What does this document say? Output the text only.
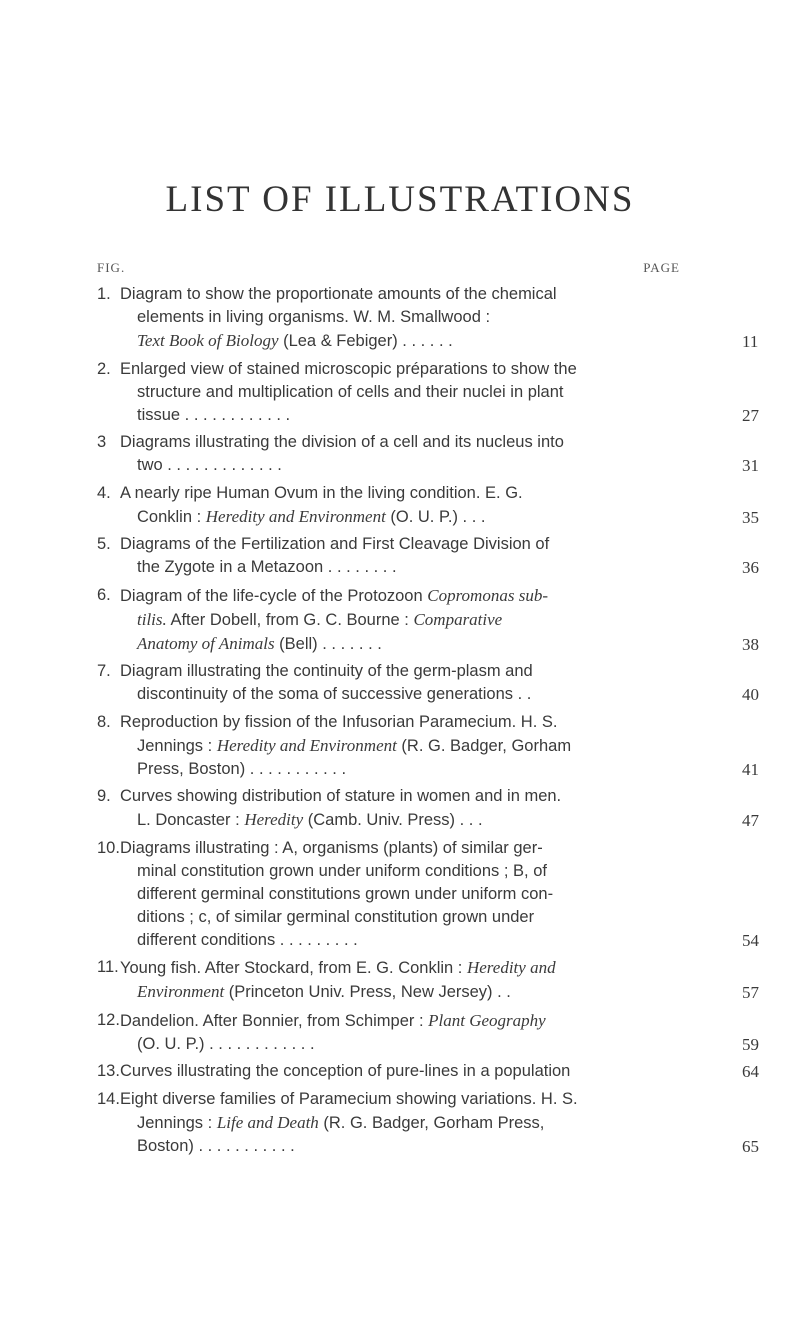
LIST OF ILLUSTRATIONS
FIG.	PAGE
1. Diagram to show the proportionate amounts of the chemical
elements in living organisms. W. M. Smallwood :
Text Book of Biology (Lea & Febiger) . . . . . .	11
2. Enlarged view of stained microscopic préparations to show the
structure and multiplication of cells and their nuclei in plant
tissue . . . . . . . . . . . .	27
3 Diagrams illustrating the division of a cell and its nucleus into
two . . . . . . . . . . . . .	31
4. A nearly ripe Human Ovum in the living condition. E. G.
Conklin : Heredity and Environment (O. U. P.) . . .	35
5. Diagrams of the Fertilization and First Cleavage Division of
the Zygote in a Metazoon . . . . . . . .	36
6. Diagram of the life-cycle of the Protozoon Copromonas sub-
tilis. After Dobell, from G. C. Bourne : Comparative
Anatomy of Animals (Bell) . . . . . . .	38
7. Diagram illustrating the continuity of the germ-plasm and
discontinuity of the soma of successive generations . .	40
8. Reproduction by fission of the Infusorian Paramecium. H. S.
Jennings : Heredity and Environment (R. G. Badger, Gorham
Press, Boston) . . . . . . . . . . .	41
9. Curves showing distribution of stature in women and in men.
L. Doncaster : Heredity (Camb. Univ. Press) . . .	47
10. Diagrams illustrating : A, organisms (plants) of similar ger-
minal constitution grown under uniform conditions ; B, of
different germinal constitutions grown under uniform con-
ditions ; c, of similar germinal constitution grown under
different conditions . . . . . . . . .	54
11. Young fish. After Stockard, from E. G. Conklin : Heredity and
Environment (Princeton Univ. Press, New Jersey) . .	57
12. Dandelion. After Bonnier, from Schimper : Plant Geography
(O. U. P.) . . . . . . . . . . . .	59
13. Curves illustrating the conception of pure-lines in a population	64
14. Eight diverse families of Paramecium showing variations. H. S.
Jennings : Life and Death (R. G. Badger, Gorham Press,
Boston) . . . . . . . . . . .	65
